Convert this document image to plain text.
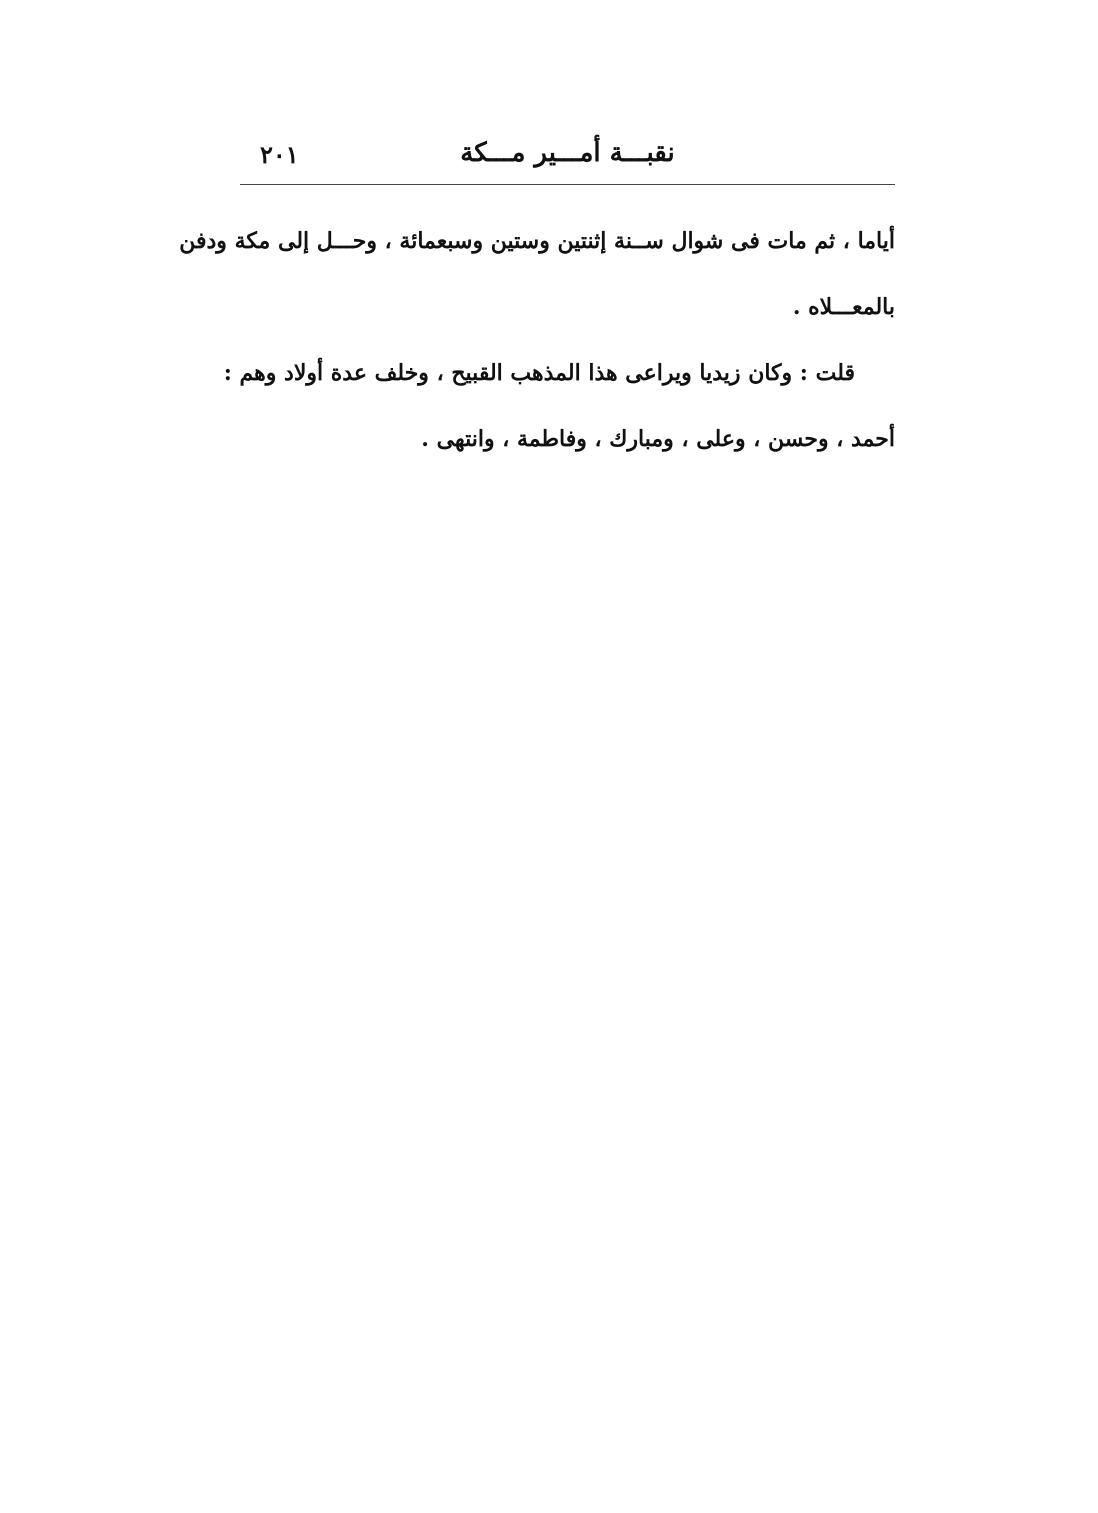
٢٠١	نقبـــة أمـــير مـــكة

أياما ، ثم مات فى شوال ســنة إثنتين وستين وسبعمائة ، وحـــل إلى مكة ودفن
بالمعـــلاه .

قلت : وكان زيديا ويراعى هذا المذهب القبيح ، وخلف عدة أولاد وهم :
أحمد ، وحسن ، وعلى ، ومبارك ، وفاطمة ، وانتهى .
